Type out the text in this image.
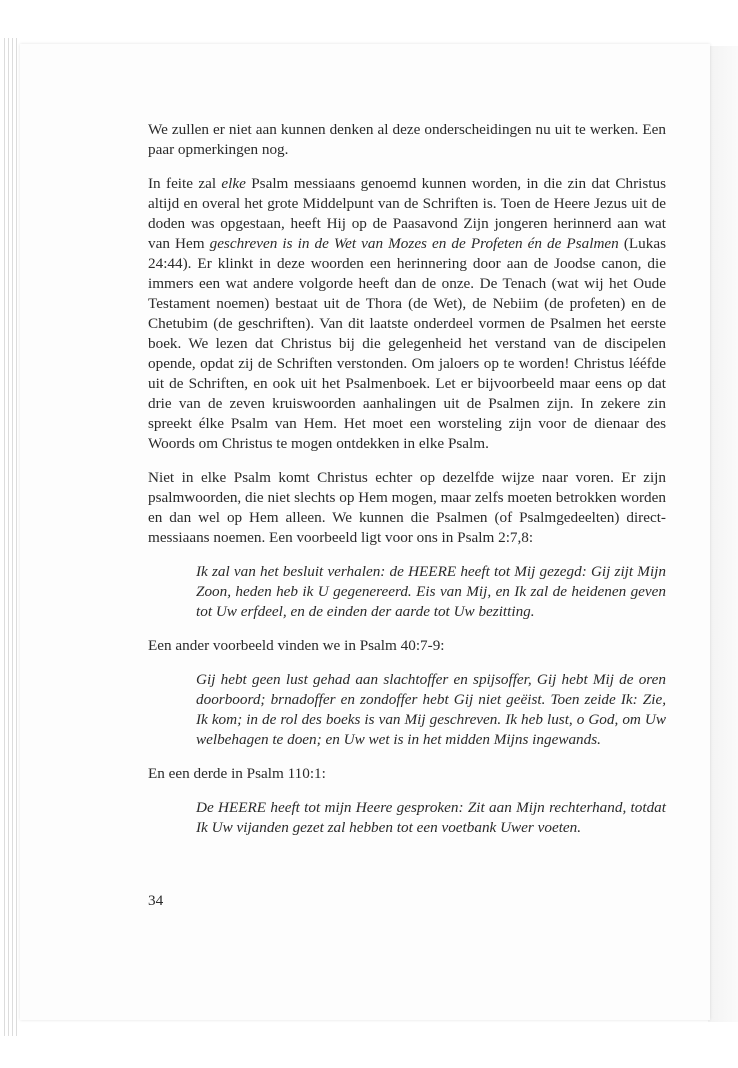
We zullen er niet aan kunnen denken al deze onderscheidingen nu uit te werken. Een paar opmerkingen nog.

In feite zal elke Psalm messiaans genoemd kunnen worden, in die zin dat Christus altijd en overal het grote Middelpunt van de Schriften is. Toen de Heere Jezus uit de doden was opgestaan, heeft Hij op de Paasavond Zijn jongeren herinnerd aan wat van Hem geschreven is in de Wet van Mozes en de Profeten én de Psalmen (Lukas 24:44). Er klinkt in deze woorden een herinnering door aan de Joodse canon, die immers een wat andere volgorde heeft dan de onze. De Tenach (wat wij het Oude Testament noemen) bestaat uit de Thora (de Wet), de Nebiim (de profeten) en de Chetubim (de geschriften). Van dit laatste onderdeel vormen de Psalmen het eerste boek. We lezen dat Christus bij die gelegenheid het verstand van de discipelen opende, opdat zij de Schriften verstonden. Om jaloers op te worden! Christus lééfde uit de Schriften, en ook uit het Psalmenboek. Let er bijvoorbeeld maar eens op dat drie van de zeven kruiswoorden aanhalingen uit de Psalmen zijn. In zekere zin spreekt élke Psalm van Hem. Het moet een worsteling zijn voor de dienaar des Woords om Christus te mogen ontdekken in elke Psalm.

Niet in elke Psalm komt Christus echter op dezelfde wijze naar voren. Er zijn psalmwoorden, die niet slechts op Hem mogen, maar zelfs moeten betrokken worden en dan wel op Hem alleen. We kunnen die Psalmen (of Psalmgedeelten) direct-messiaans noemen. Een voorbeeld ligt voor ons in Psalm 2:7,8:

Ik zal van het besluit verhalen: de HEERE heeft tot Mij gezegd: Gij zijt Mijn Zoon, heden heb ik U gegenereerd. Eis van Mij, en Ik zal de heidenen geven tot Uw erfdeel, en de einden der aarde tot Uw bezitting.

Een ander voorbeeld vinden we in Psalm 40:7-9:

Gij hebt geen lust gehad aan slachtoffer en spijsoffer, Gij hebt Mij de oren doorboord; brnadoffer en zondoffer hebt Gij niet geëist. Toen zeide Ik: Zie, Ik kom; in de rol des boeks is van Mij geschreven. Ik heb lust, o God, om Uw welbehagen te doen; en Uw wet is in het midden Mijns ingewands.

En een derde in Psalm 110:1:

De HEERE heeft tot mijn Heere gesproken: Zit aan Mijn rechterhand, totdat Ik Uw vijanden gezet zal hebben tot een voetbank Uwer voeten.

34
